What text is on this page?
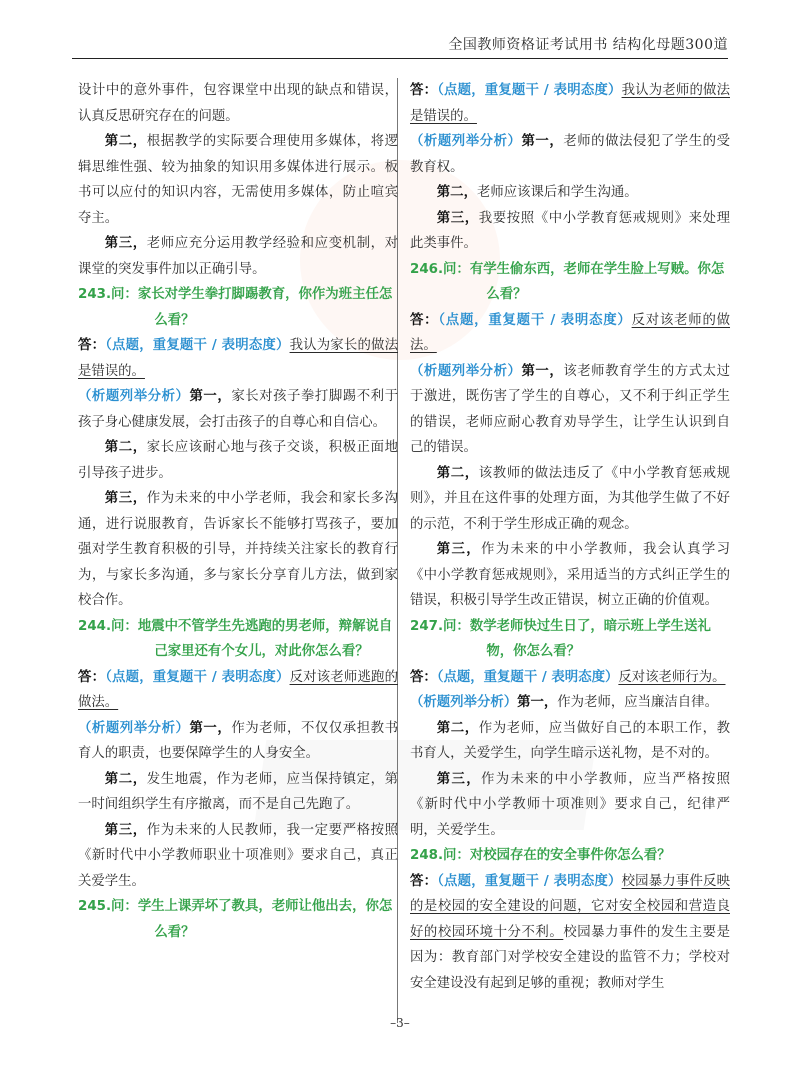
全国教师资格证考试用书 结构化母题300道

设计中的意外事件，包容课堂中出现的缺点和错误，认真反思研究存在的问题。

第二，根据教学的实际要合理使用多媒体，将逻辑思维性强、较为抽象的知识用多媒体进行展示。板书可以应付的知识内容，无需使用多媒体，防止喧宾夺主。

第三，老师应充分运用教学经验和应变机制，对课堂的突发事件加以正确引导。

243.问：家长对学生拳打脚踢教育，你作为班主任怎么看？

答：（点题，重复题干 / 表明态度）我认为家长的做法是错误的。

（析题列举分析）第一，家长对孩子拳打脚踢不利于孩子身心健康发展，会打击孩子的自尊心和自信心。

第二，家长应该耐心地与孩子交谈，积极正面地引导孩子进步。

第三，作为未来的中小学老师，我会和家长多沟通，进行说服教育，告诉家长不能够打骂孩子，要加强对学生教育积极的引导，并持续关注家长的教育行为，与家长多沟通，多与家长分享育儿方法，做到家校合作。

244.问：地震中不管学生先逃跑的男老师，辩解说自己家里还有个女儿，对此你怎么看？

答：（点题，重复题干 / 表明态度）反对该老师逃跑的做法。

（析题列举分析）第一，作为老师，不仅仅承担教书育人的职责，也要保障学生的人身安全。

第二，发生地震，作为老师，应当保持镇定，第一时间组织学生有序撤离，而不是自己先跑了。

第三，作为未来的人民教师，我一定要严格按照《新时代中小学教师职业十项准则》要求自己，真正关爱学生。

245.问：学生上课弄坏了教具，老师让他出去，你怎么看？

答：（点题，重复题干 / 表明态度）我认为老师的做法是错误的。

（析题列举分析）第一，老师的做法侵犯了学生的受教育权。

第二，老师应该课后和学生沟通。

第三，我要按照《中小学教育惩戒规则》来处理此类事件。

246.问：有学生偷东西，老师在学生脸上写贼。你怎么看？

答：（点题，重复题干 / 表明态度）反对该老师的做法。

（析题列举分析）第一，该老师教育学生的方式太过于激进，既伤害了学生的自尊心，又不利于纠正学生的错误，老师应耐心教育劝导学生，让学生认识到自己的错误。

第二，该教师的做法违反了《中小学教育惩戒规则》，并且在这件事的处理方面，为其他学生做了不好的示范，不利于学生形成正确的观念。

第三，作为未来的中小学教师，我会认真学习《中小学教育惩戒规则》，采用适当的方式纠正学生的错误，积极引导学生改正错误，树立正确的价值观。

247.问：数学老师快过生日了，暗示班上学生送礼物，你怎么看？

答：（点题，重复题干 / 表明态度）反对该老师行为。

（析题列举分析）第一，作为老师，应当廉洁自律。

第二，作为老师，应当做好自己的本职工作，教书育人，关爱学生，向学生暗示送礼物，是不对的。

第三，作为未来的中小学教师，应当严格按照《新时代中小学教师十项准则》要求自己，纪律严明，关爱学生。

248.问：对校园存在的安全事件你怎么看？

答：（点题，重复题干 / 表明态度）校园暴力事件反映的是校园的安全建设的问题，它对安全校园和营造良好的校园环境十分不利。校园暴力事件的发生主要是因为：教育部门对学校安全建设的监管不力；学校对安全建设没有起到足够的重视；教师对学生

–3–
